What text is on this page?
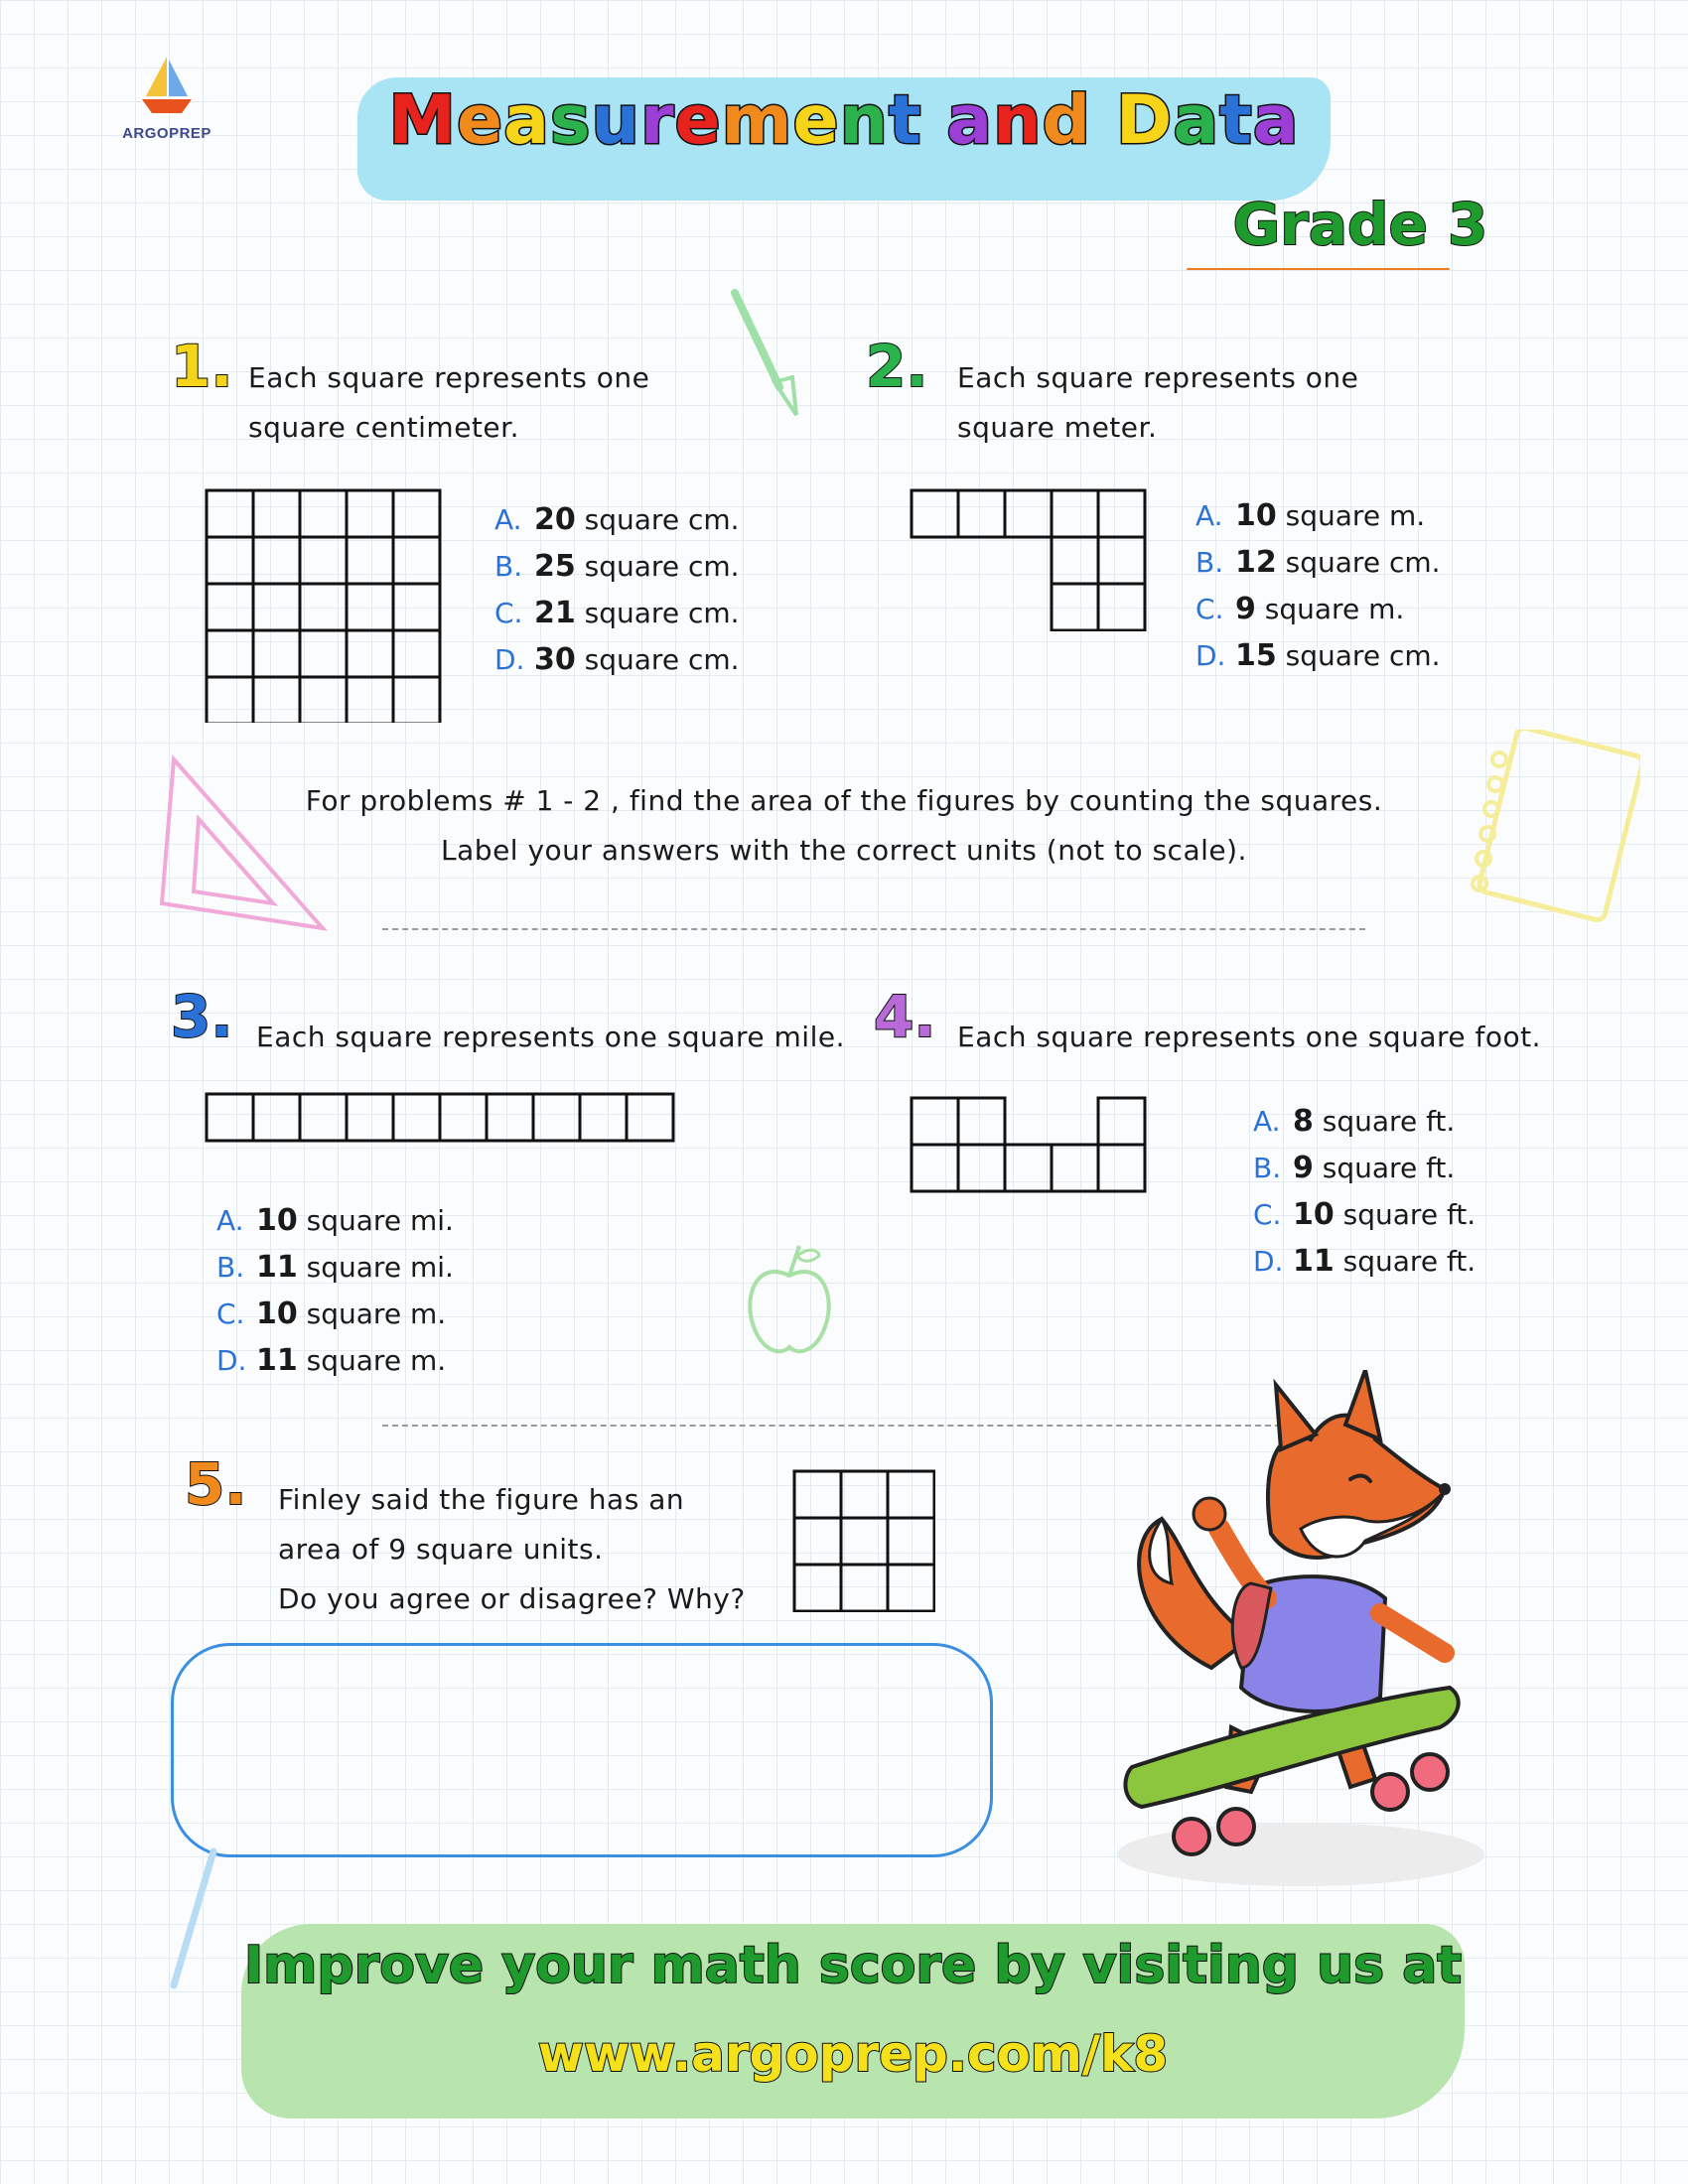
ARGOPREP	Measurement and Data
Grade 3
1. Each square represents one
square centimeter.
A. 20 square cm.
B. 25 square cm.
C. 21 square cm.
D. 30 square cm.
2. Each square represents one
square meter.
A. 10 square m.
B. 12 square cm.
C. 9 square m.
D. 15 square cm.
For problems # 1 - 2 , find the area of the figures by counting the squares.
Label your answers with the correct units (not to scale).
3. Each square represents one square mile.
A. 10 square mi.
B. 11 square mi.
C. 10 square m.
D. 11 square m.
4. Each square represents one square foot.
A. 8 square ft.
B. 9 square ft.
C. 10 square ft.
D. 11 square ft.
5. Finley said the figure has an
area of 9 square units.
Do you agree or disagree? Why?
Improve your math score by visiting us at
www.argoprep.com/k8
